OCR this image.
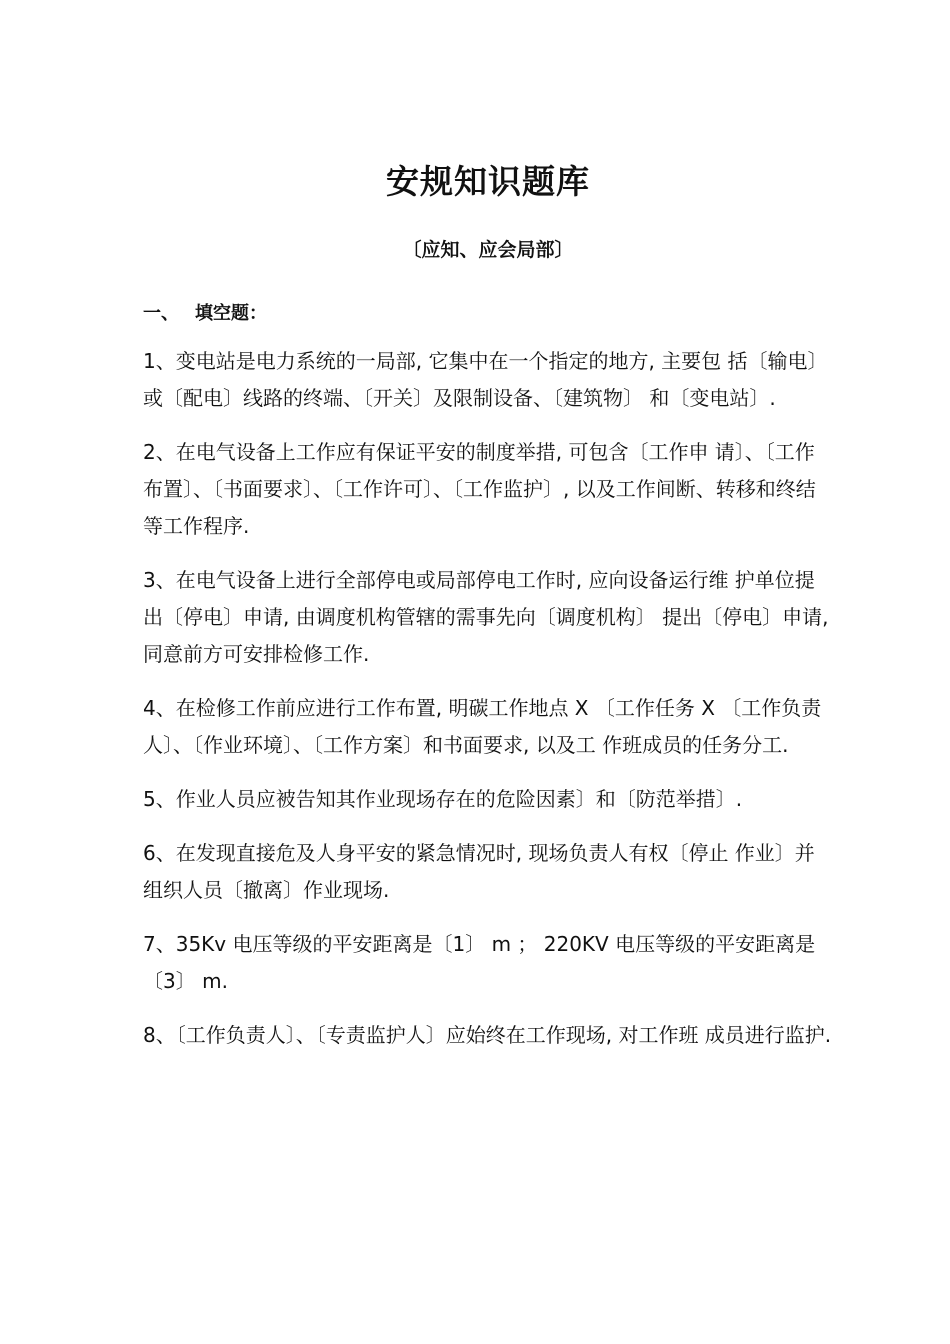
安规知识题库
〔应知、应会局部〕
一、 填空题：

1、变电站是电力系统的一局部, 它集中在一个指定的地方, 主要包 括〔输电〕或〔配电〕线路的终端、〔开关〕及限制设备、〔建筑物〕 和〔变电站〕.

2、在电气设备上工作应有保证平安的制度举措, 可包含〔工作申 请〕、〔工作布置〕、〔书面要求〕、〔工作许可〕、〔工作监护〕, 以及工作间断、转移和终结等工作程序.

3、在电气设备上进行全部停电或局部停电工作时, 应向设备运行维 护单位提出〔停电〕申请, 由调度机构管辖的需事先向〔调度机构〕 提出〔停电〕申请, 同意前方可安排检修工作.

4、在检修工作前应进行工作布置, 明碳工作地点 X 〔工作任务 X 〔工作负责人〕、〔作业环境〕、〔工作方案〕和书面要求, 以及工 作班成员的任务分工.

5、作业人员应被告知其作业现场存在的危险因素〕和〔防范举措〕.

6、在发现直接危及人身平安的紧急情况时, 现场负责人有权〔停止 作业〕并组织人员〔撤离〕作业现场.

7、35Kv 电压等级的平安距离是〔1〕 m ； 220KV 电压等级的平安距离是 〔3〕 m.

8、〔工作负责人〕、〔专责监护人〕应始终在工作现场, 对工作班 成员进行监护.
